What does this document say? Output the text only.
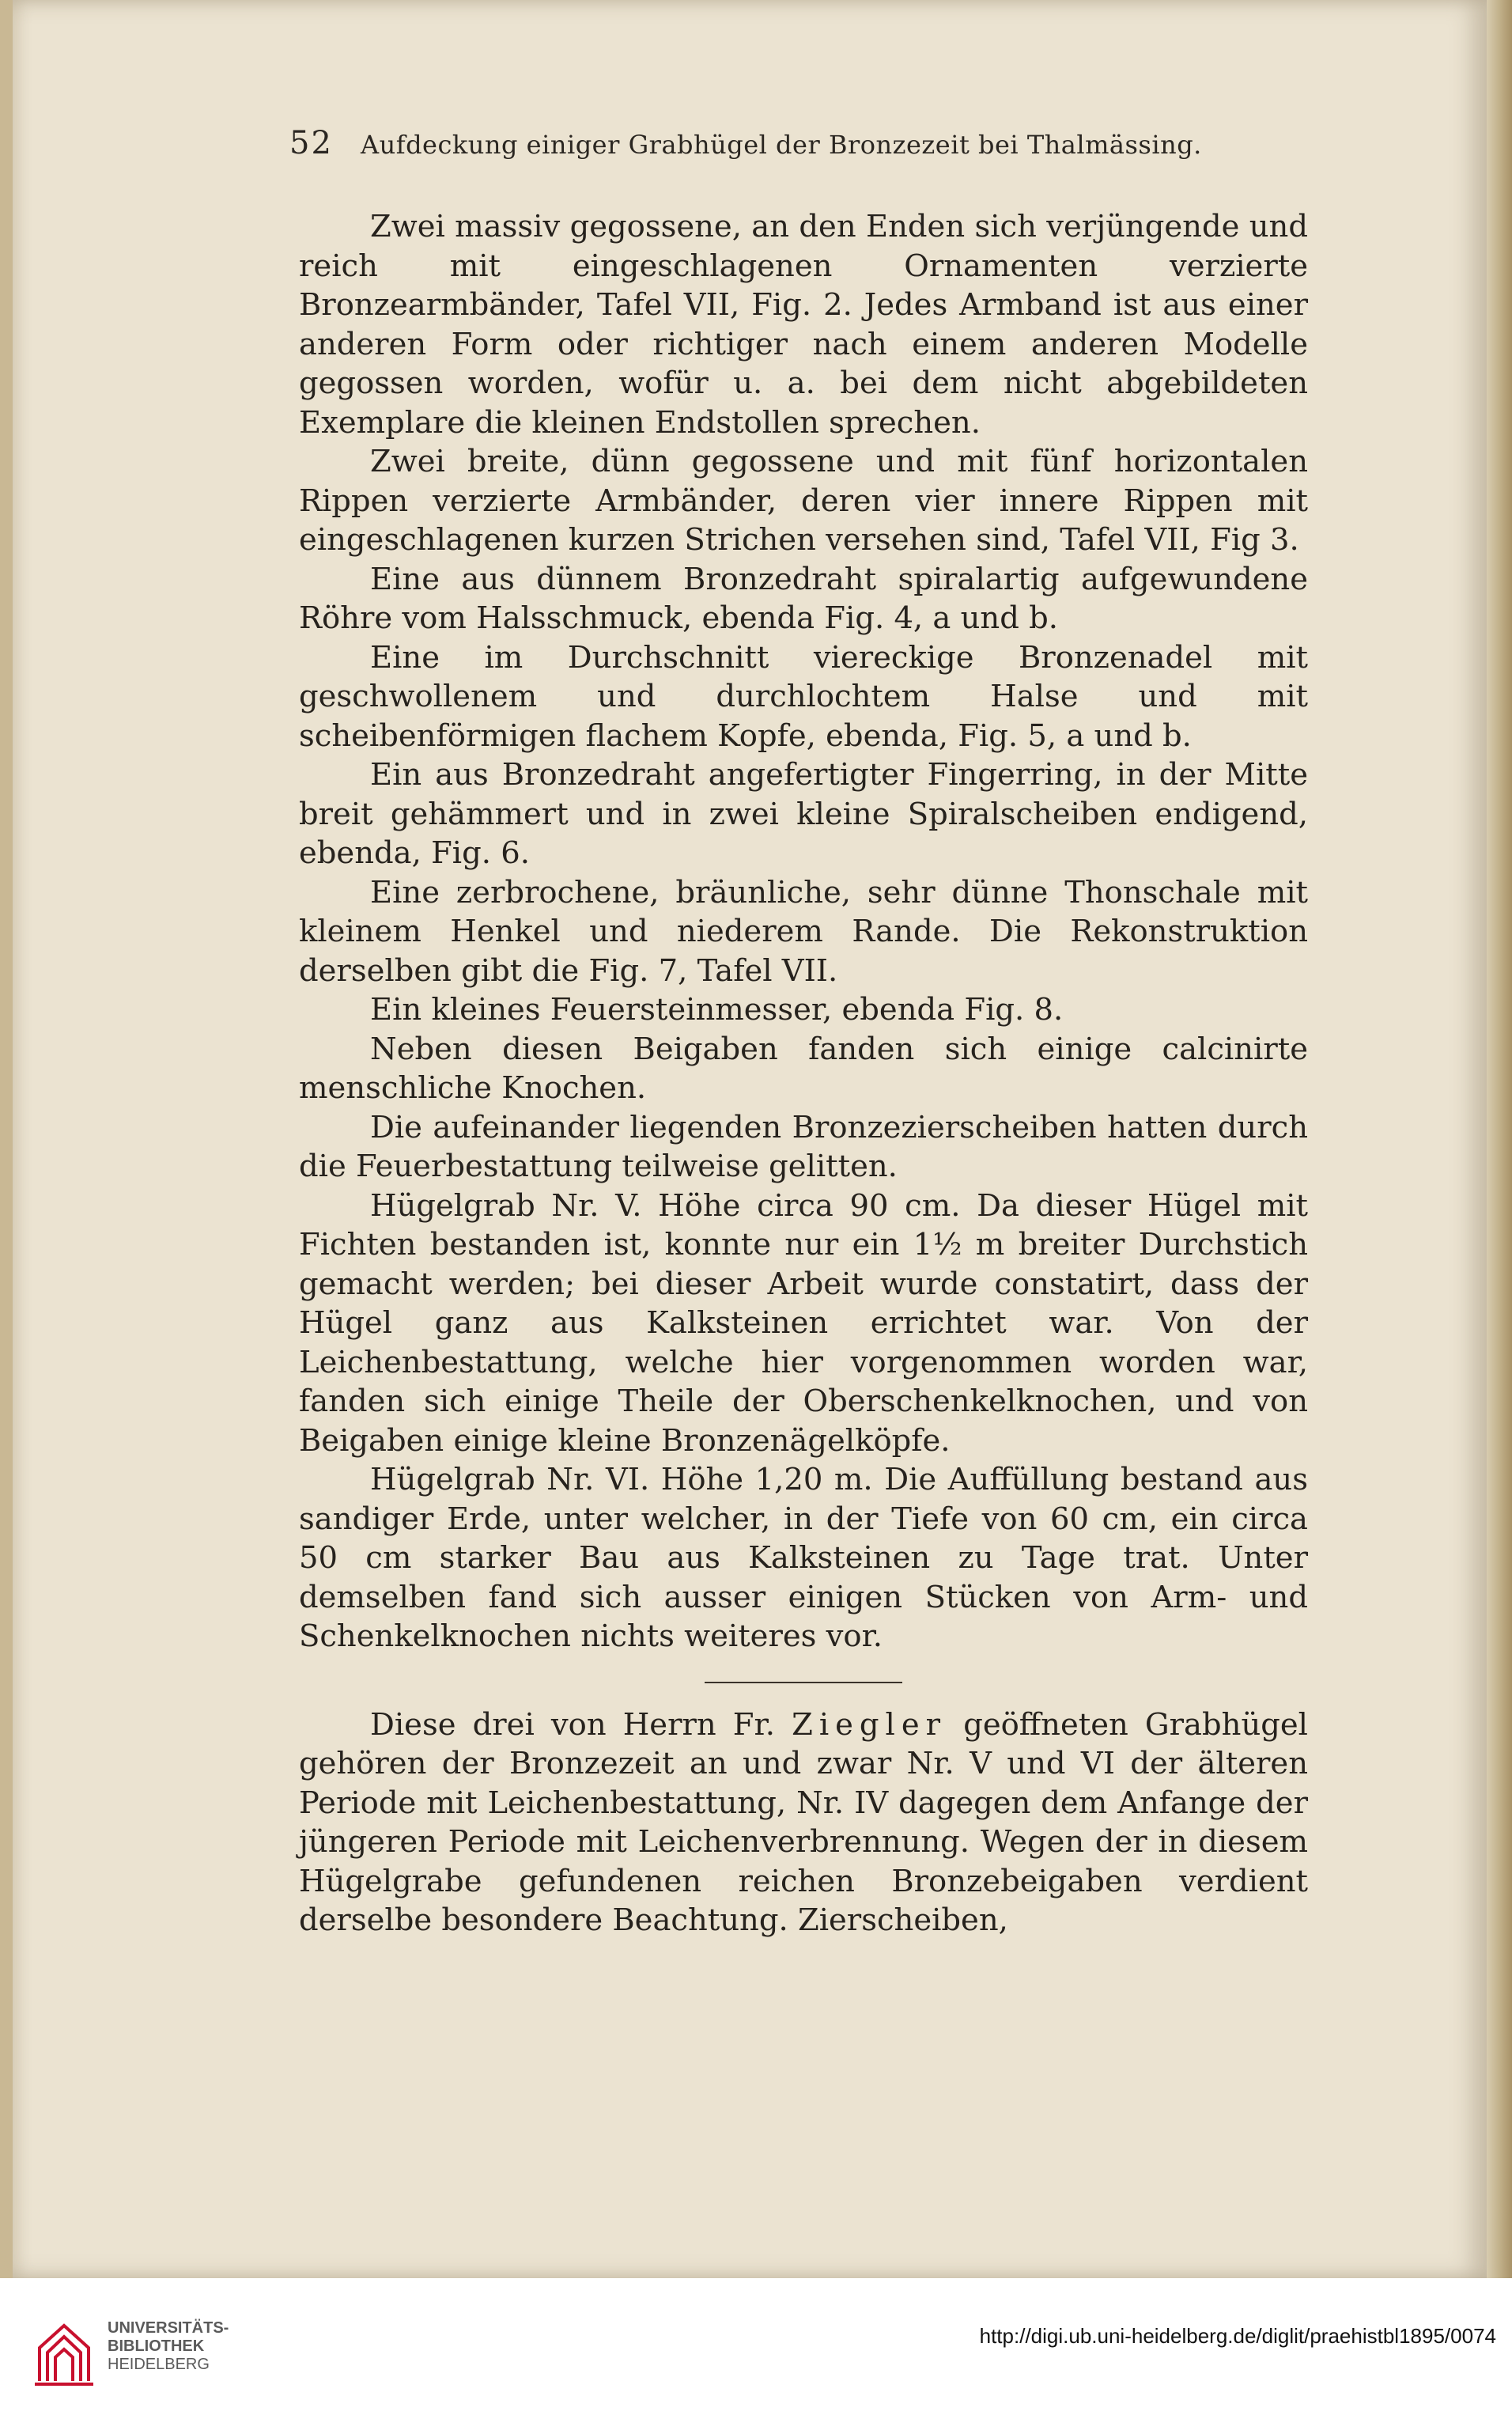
52 Aufdeckung einiger Grabhügel der Bronzezeit bei Thalmässing.

Zwei massiv gegossene, an den Enden sich verjüngende und reich mit eingeschlagenen Ornamenten verzierte Bronzearmbänder, Tafel VII, Fig. 2. Jedes Armband ist aus einer anderen Form oder richtiger nach einem anderen Modelle gegossen worden, wofür u. a. bei dem nicht abgebildeten Exemplare die kleinen Endstollen sprechen.

Zwei breite, dünn gegossene und mit fünf horizontalen Rippen verzierte Armbänder, deren vier innere Rippen mit eingeschlagenen kurzen Strichen versehen sind, Tafel VII, Fig 3.

Eine aus dünnem Bronzedraht spiralartig aufgewundene Röhre vom Halsschmuck, ebenda Fig. 4, a und b.

Eine im Durchschnitt viereckige Bronzenadel mit geschwollenem und durchlochtem Halse und mit scheibenförmigen flachem Kopfe, ebenda, Fig. 5, a und b.

Ein aus Bronzedraht angefertigter Fingerring, in der Mitte breit gehämmert und in zwei kleine Spiralscheiben endigend, ebenda, Fig. 6.

Eine zerbrochene, bräunliche, sehr dünne Thonschale mit kleinem Henkel und niederem Rande. Die Rekonstruktion derselben gibt die Fig. 7, Tafel VII.

Ein kleines Feuersteinmesser, ebenda Fig. 8.

Neben diesen Beigaben fanden sich einige calcinirte menschliche Knochen.

Die aufeinander liegenden Bronzezierscheiben hatten durch die Feuerbestattung teilweise gelitten.

Hügelgrab Nr. V. Höhe circa 90 cm. Da dieser Hügel mit Fichten bestanden ist, konnte nur ein 1½ m breiter Durchstich gemacht werden; bei dieser Arbeit wurde constatirt, dass der Hügel ganz aus Kalksteinen errichtet war. Von der Leichenbestattung, welche hier vorgenommen worden war, fanden sich einige Theile der Oberschenkelknochen, und von Beigaben einige kleine Bronzenägelköpfe.

Hügelgrab Nr. VI. Höhe 1,20 m. Die Auffüllung bestand aus sandiger Erde, unter welcher, in der Tiefe von 60 cm, ein circa 50 cm starker Bau aus Kalksteinen zu Tage trat. Unter demselben fand sich ausser einigen Stücken von Arm- und Schenkelknochen nichts weiteres vor.

Diese drei von Herrn Fr. Ziegler geöffneten Grabhügel gehören der Bronzezeit an und zwar Nr. V und VI der älteren Periode mit Leichenbestattung, Nr. IV dagegen dem Anfange der jüngeren Periode mit Leichenverbrennung. Wegen der in diesem Hügelgrabe gefundenen reichen Bronzebeigaben verdient derselbe besondere Beachtung. Zierscheiben,

UNIVERSITÄTS-
BIBLIOTHEK
HEIDELBERG
http://digi.ub.uni-heidelberg.de/diglit/praehistbl1895/0074
